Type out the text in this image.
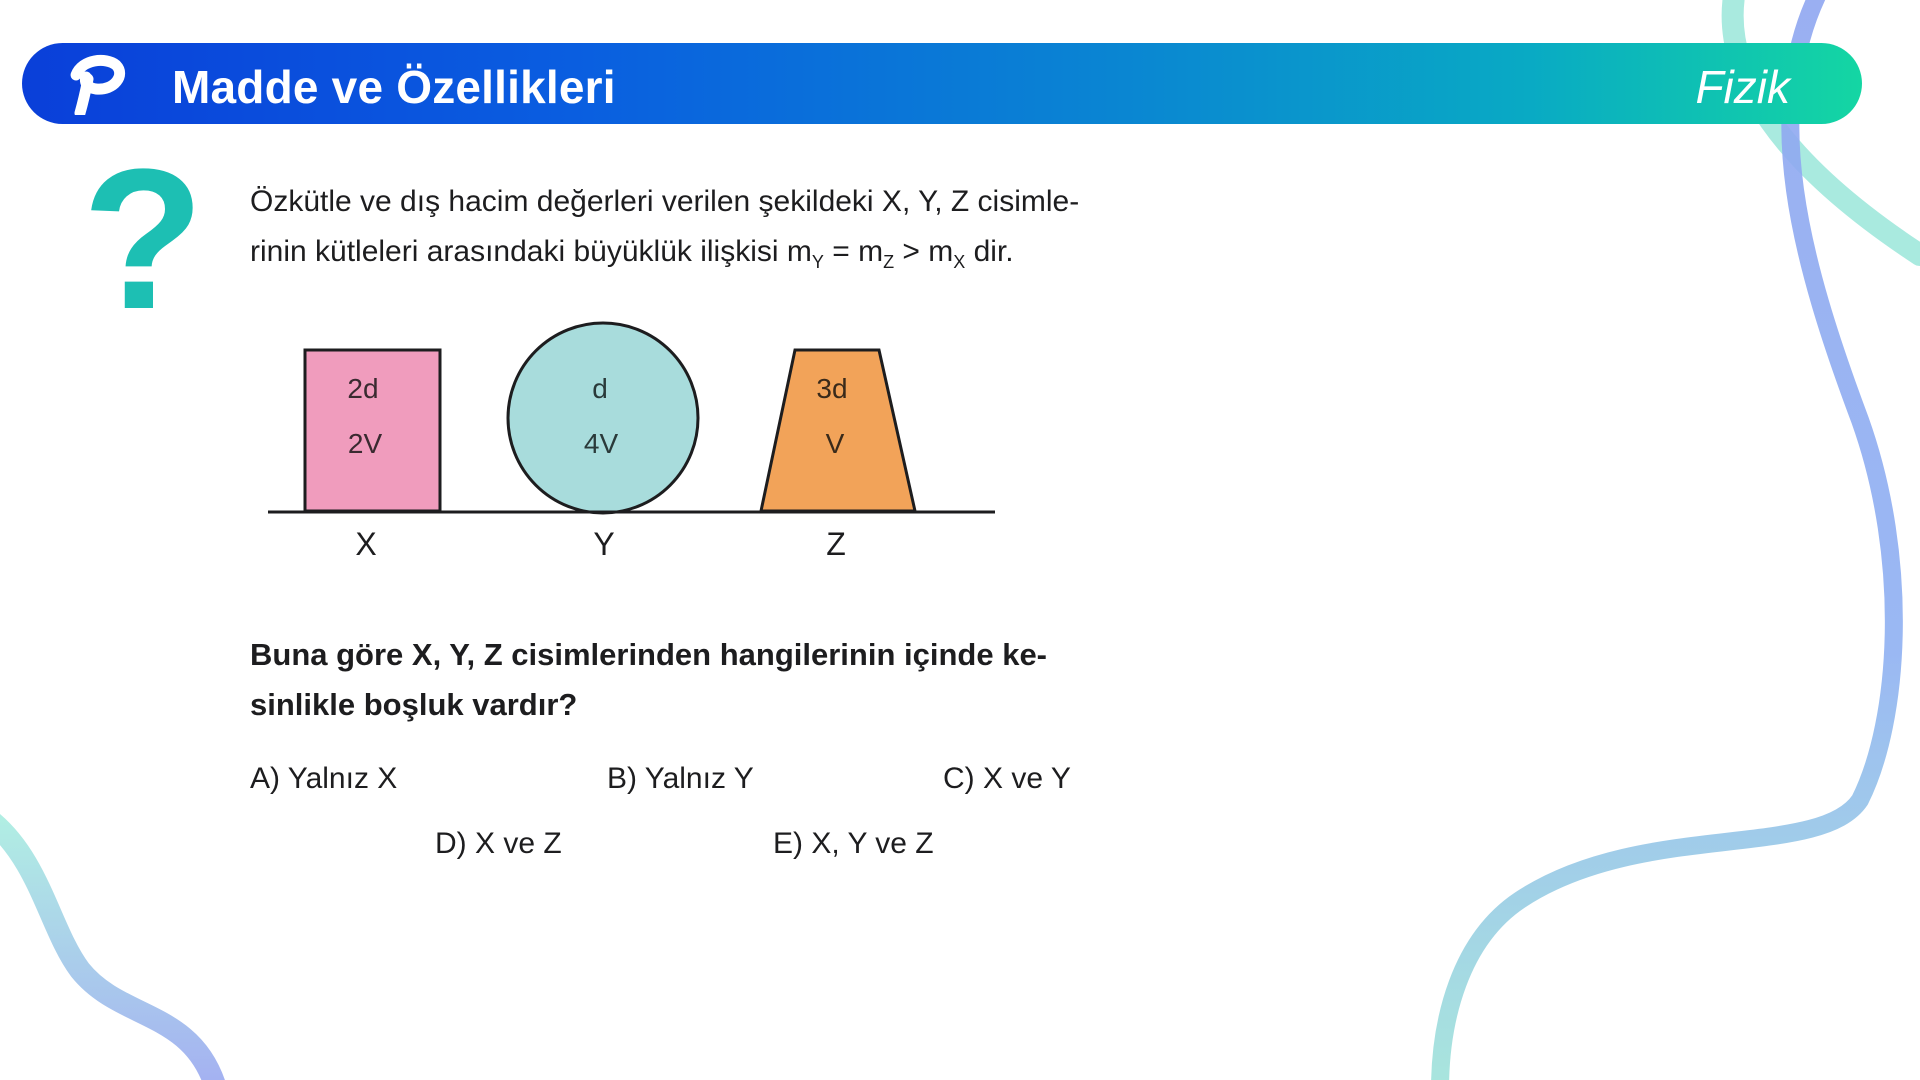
Madde ve Özellikleri	Fizik
? Özkütle ve dış hacim değerleri verilen şekildeki X, Y, Z cisimle-
rinin kütleleri arasındaki büyüklük ilişkisi $m_Y = m_Z > m_X$ dir.
2d
2V
X
d
4V
Y
3d
V
Z
Buna göre X, Y, Z cisimlerinden hangilerinin içinde ke-
sinlikle boşluk vardır?
A) Yalnız X	B) Yalnız Y	C) X ve Y
D) X ve Z	E) X, Y ve Z
